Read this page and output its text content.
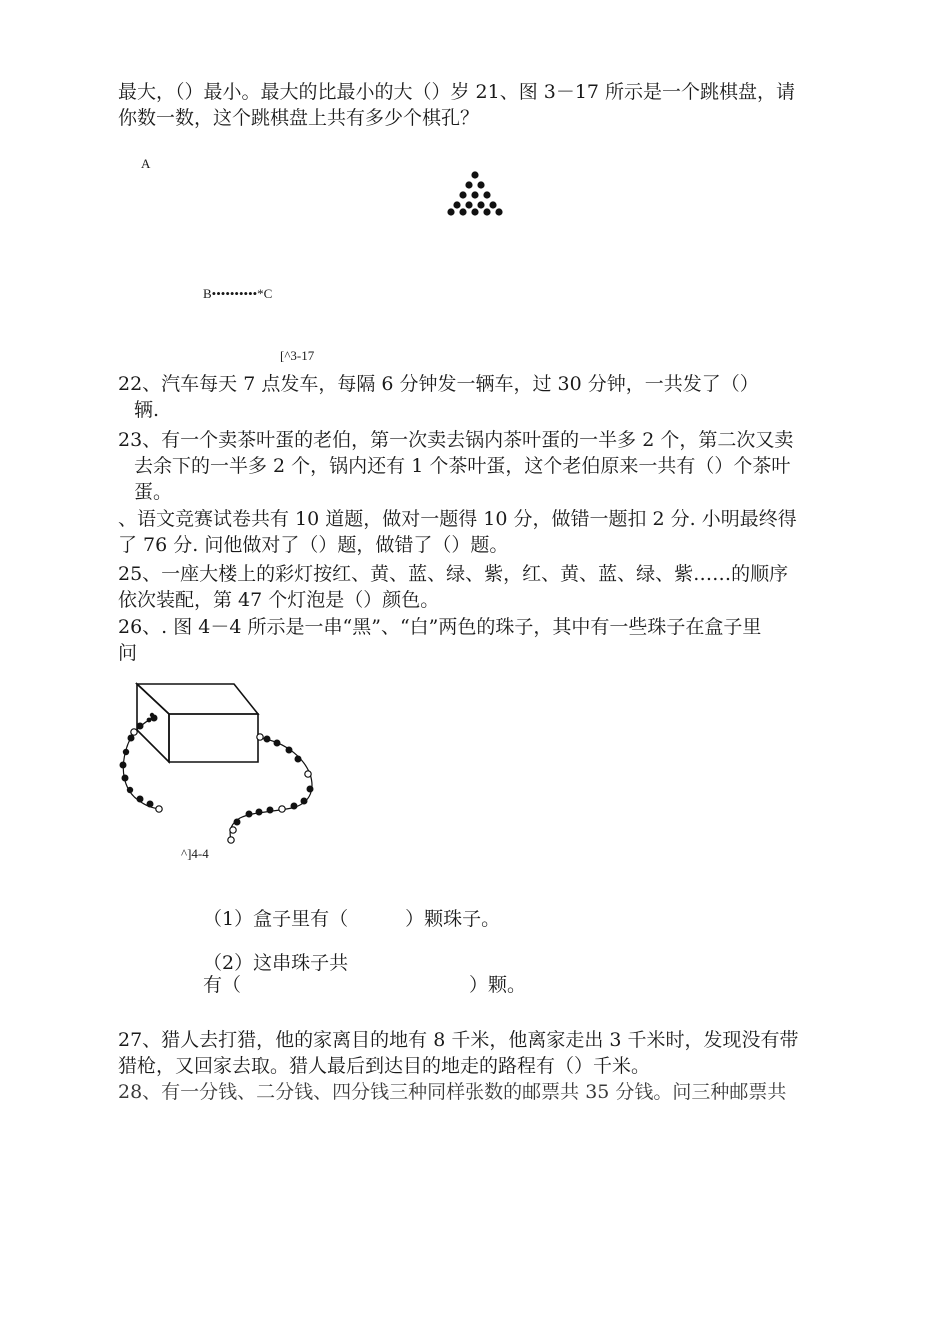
最大，（）最小。最大的比最小的大（）岁 21、图 3－17 所示是一个跳棋盘，请
你数一数，这个跳棋盘上共有多少个棋孔？
A
B••••••••••*C
[^3-17
22、汽车每天 7 点发车，每隔 6 分钟发一辆车，过 30 分钟，一共发了（）
辆.
23、有一个卖茶叶蛋的老伯，第一次卖去锅内茶叶蛋的一半多 2 个，第二次又卖
去余下的一半多 2 个，锅内还有 1 个茶叶蛋，这个老伯原来一共有（）个茶叶
蛋。
、语文竞赛试卷共有 10 道题，做对一题得 10 分，做错一题扣 2 分. 小明最终得
了 76 分. 问他做对了（）题，做错了（）题。
25、一座大楼上的彩灯按红、黄、蓝、绿、紫，红、黄、蓝、绿、紫……的顺序
依次装配，第 47 个灯泡是（）颜色。
26、. 图 4－4 所示是一串“黑”、“白”两色的珠子，其中有一些珠子在盒子里
问
^]4-4
（1）盒子里有（　　　）颗珠子。
（2）这串珠子共
有（　　　　　　　　　　　　）颗。
27、猎人去打猎，他的家离目的地有 8 千米，他离家走出 3 千米时，发现没有带
猎枪，又回家去取。猎人最后到达目的地走的路程有（）千米。
28、有一分钱、二分钱、四分钱三种同样张数的邮票共 35 分钱。问三种邮票共
